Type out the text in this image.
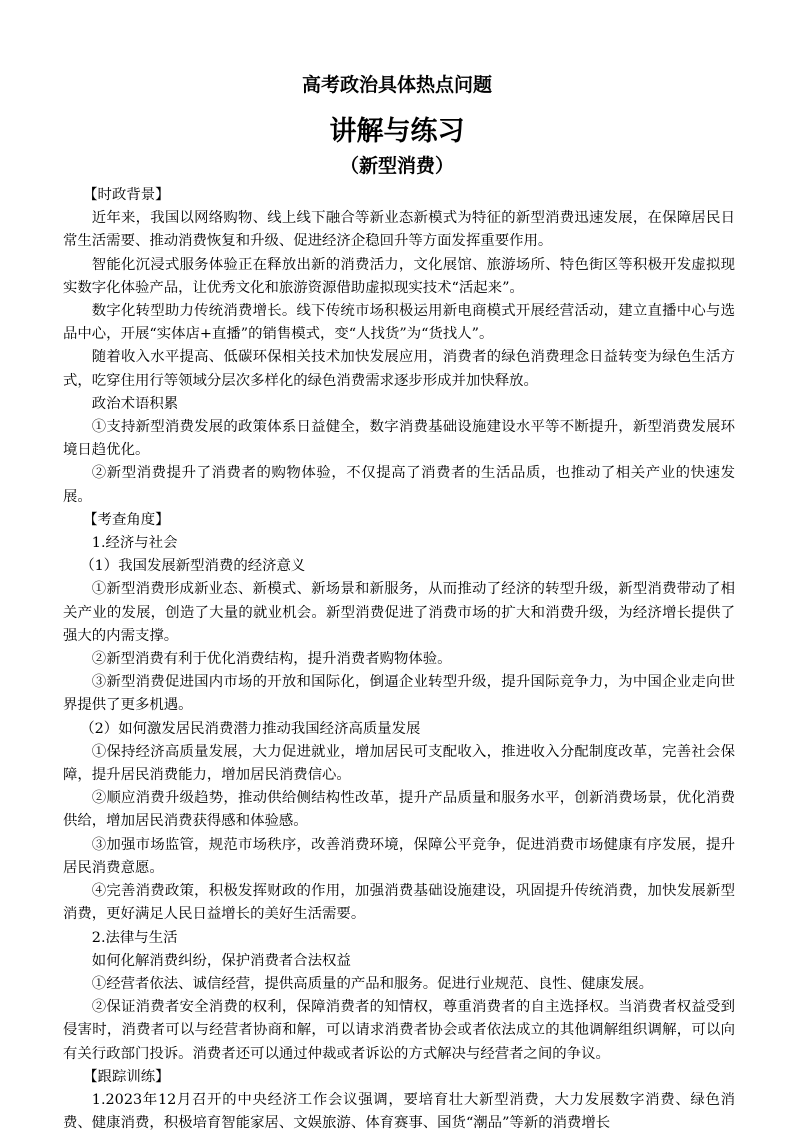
高考政治具体热点问题
讲解与练习
（新型消费）

【时政背景】

近年来，我国以网络购物、线上线下融合等新业态新模式为特征的新型消费迅速发展，在保障居民日常生活需要、推动消费恢复和升级、促进经济企稳回升等方面发挥重要作用。

智能化沉浸式服务体验正在释放出新的消费活力，文化展馆、旅游场所、特色街区等积极开发虚拟现实数字化体验产品，让优秀文化和旅游资源借助虚拟现实技术“活起来”。

数字化转型助力传统消费增长。线下传统市场积极运用新电商模式开展经营活动，建立直播中心与选品中心，开展“实体店+直播”的销售模式，变“人找货”为“货找人”。

随着收入水平提高、低碳环保相关技术加快发展应用，消费者的绿色消费理念日益转变为绿色生活方式，吃穿住用行等领域分层次多样化的绿色消费需求逐步形成并加快释放。

政治术语积累

①支持新型消费发展的政策体系日益健全，数字消费基础设施建设水平等不断提升，新型消费发展环境日趋优化。

②新型消费提升了消费者的购物体验，不仅提高了消费者的生活品质，也推动了相关产业的快速发展。

【考查角度】

1.经济与社会

（1）我国发展新型消费的经济意义

①新型消费形成新业态、新模式、新场景和新服务，从而推动了经济的转型升级，新型消费带动了相关产业的发展，创造了大量的就业机会。新型消费促进了消费市场的扩大和消费升级，为经济增长提供了强大的内需支撑。

②新型消费有利于优化消费结构，提升消费者购物体验。

③新型消费促进国内市场的开放和国际化，倒逼企业转型升级，提升国际竞争力，为中国企业走向世界提供了更多机遇。

（2）如何激发居民消费潜力推动我国经济高质量发展

①保持经济高质量发展，大力促进就业，增加居民可支配收入，推进收入分配制度改革，完善社会保障，提升居民消费能力，增加居民消费信心。

②顺应消费升级趋势，推动供给侧结构性改革，提升产品质量和服务水平，创新消费场景，优化消费供给，增加居民消费获得感和体验感。

③加强市场监管，规范市场秩序，改善消费环境，保障公平竞争，促进消费市场健康有序发展，提升居民消费意愿。

④完善消费政策，积极发挥财政的作用，加强消费基础设施建设，巩固提升传统消费，加快发展新型消费，更好满足人民日益增长的美好生活需要。

2.法律与生活

如何化解消费纠纷，保护消费者合法权益

①经营者依法、诚信经营，提供高质量的产品和服务。促进行业规范、良性、健康发展。

②保证消费者安全消费的权利，保障消费者的知情权，尊重消费者的自主选择权。当消费者权益受到侵害时，消费者可以与经营者协商和解，可以请求消费者协会或者依法成立的其他调解组织调解，可以向有关行政部门投诉。消费者还可以通过仲裁或者诉讼的方式解决与经营者之间的争议。

【跟踪训练】

1.2023年12月召开的中央经济工作会议强调，要培育壮大新型消费，大力发展数字消费、绿色消费、健康消费，积极培育智能家居、文娱旅游、体育赛事、国货“潮品”等新的消费增长
